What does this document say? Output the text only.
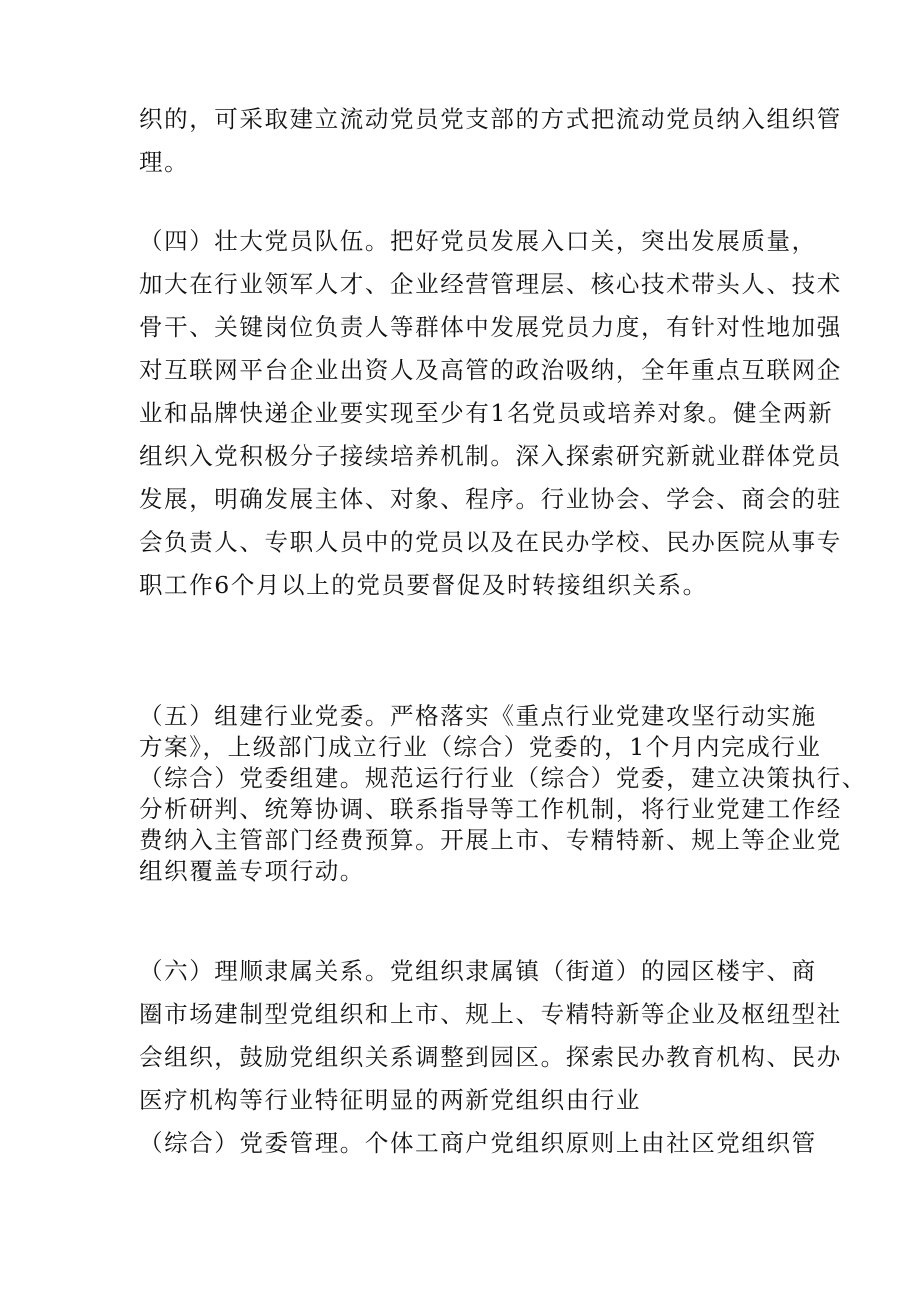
织的，可采取建立流动党员党支部的方式把流动党员纳入组织管
理。
（四）壮大党员队伍。把好党员发展入口关，突出发展质量，
加大在行业领军人才、企业经营管理层、核心技术带头人、技术
骨干、关键岗位负责人等群体中发展党员力度，有针对性地加强
对互联网平台企业出资人及高管的政治吸纳，全年重点互联网企
业和品牌快递企业要实现至少有1名党员或培养对象。健全两新
组织入党积极分子接续培养机制。深入探索研究新就业群体党员
发展，明确发展主体、对象、程序。行业协会、学会、商会的驻
会负责人、专职人员中的党员以及在民办学校、民办医院从事专
职工作6个月以上的党员要督促及时转接组织关系。
（五）组建行业党委。严格落实《重点行业党建攻坚行动实施
方案》，上级部门成立行业（综合）党委的，1个月内完成行业
（综合）党委组建。规范运行行业（综合）党委，建立决策执行、
分析研判、统筹协调、联系指导等工作机制，将行业党建工作经
费纳入主管部门经费预算。开展上市、专精特新、规上等企业党
组织覆盖专项行动。
（六）理顺隶属关系。党组织隶属镇（街道）的园区楼宇、商
圈市场建制型党组织和上市、规上、专精特新等企业及枢纽型社
会组织，鼓励党组织关系调整到园区。探索民办教育机构、民办
医疗机构等行业特征明显的两新党组织由行业
（综合）党委管理。个体工商户党组织原则上由社区党组织管
